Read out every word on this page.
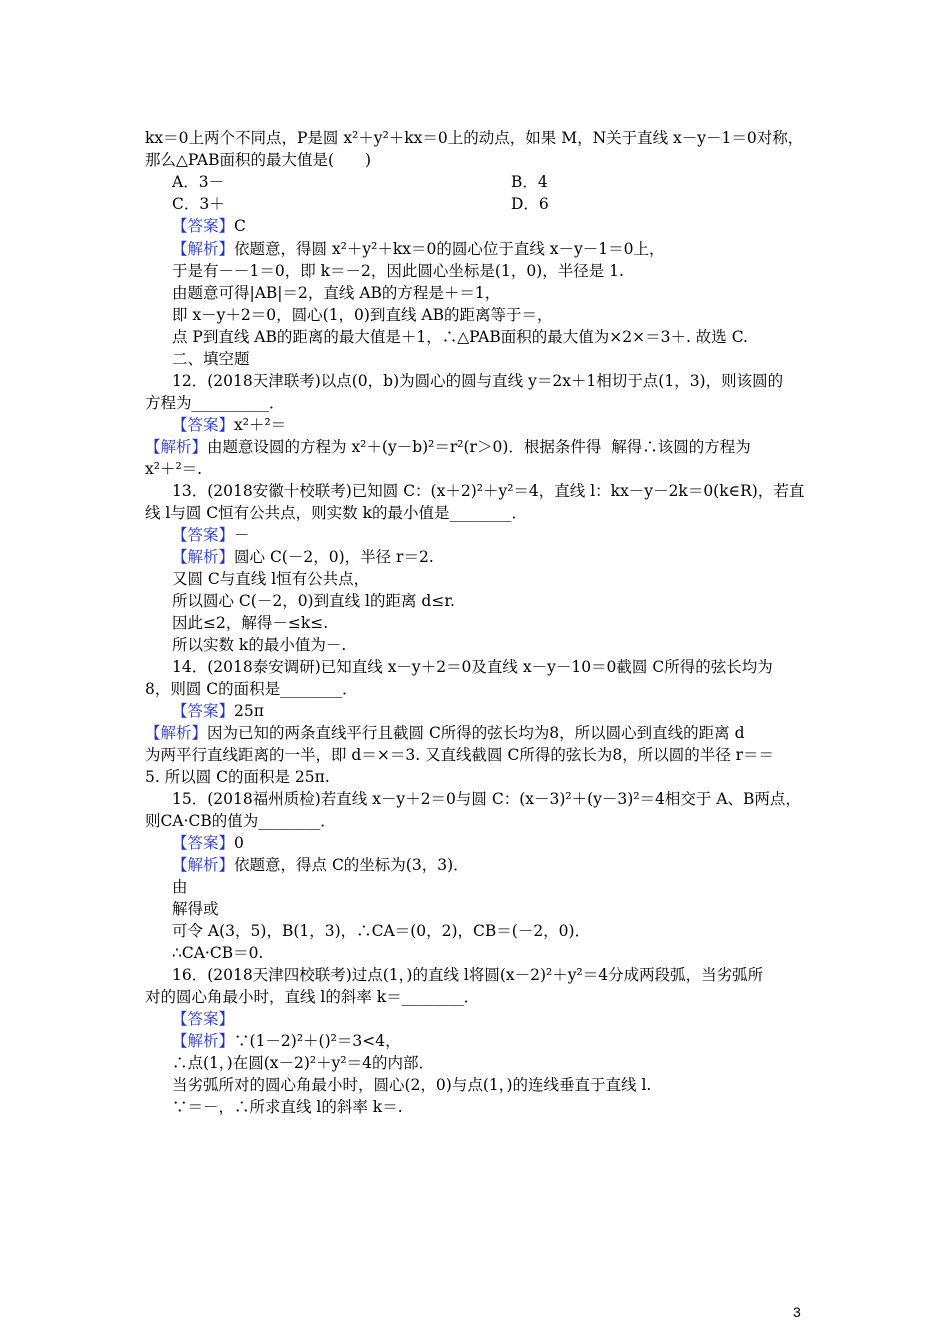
kx＝0上两个不同点，P是圆 x²＋y²＋kx＝0上的动点，如果 M，N关于直线 x－y－1＝0对称，
那么△PAB面积的最大值是(　　)
【解析】依题意，得圆 x²＋y²＋kx＝0的圆心位于直线 x－y－1＝0上，
于是有－－1＝0，即 k＝－2，因此圆心坐标是(1，0)，半径是 1.
由题意可得|AB|＝2，直线 AB的方程是＋＝1，
即 x－y＋2＝0，圆心(1，0)到直线 AB的距离等于＝，
点 P到直线 AB的距离的最大值是＋1，∴△PAB面积的最大值为×2×＝3＋. 故选 C.
二、填空题
12．(2018天津联考)以点(0，b)为圆心的圆与直线 y＝2x＋1相切于点(1，3)，则该圆的
方程为__________．
【解析】由题意设圆的方程为 x²＋(y－b)²＝r²(r＞0)．根据条件得  解得∴该圆的方程为
x²＋²＝.
13．(2018安徽十校联考)已知圆 C：(x＋2)²＋y²＝4，直线 l：kx－y－2k＝0(k∈R)，若直
线 l与圆 C恒有公共点，则实数 k的最小值是________．
【解析】圆心 C(－2，0)，半径 r＝2.
又圆 C与直线 l恒有公共点，
所以圆心 C(－2，0)到直线 l的距离 d≤r.
因此≤2，解得－≤k≤.
所以实数 k的最小值为－.
14．(2018泰安调研)已知直线 x－y＋2＝0及直线 x－y－10＝0截圆 C所得的弦长均为
8，则圆 C的面积是________．
【解析】因为已知的两条直线平行且截圆 C所得的弦长均为8，所以圆心到直线的距离 d
为两平行直线距离的一半，即 d＝×＝3. 又直线截圆 C所得的弦长为8，所以圆的半径 r＝＝
5. 所以圆 C的面积是 25π.
15．(2018福州质检)若直线 x－y＋2＝0与圆 C：(x－3)²＋(y－3)²＝4相交于 A、B两点，
则CA·CB的值为________．
【解析】依题意，得点 C的坐标为(3，3)．
由
解得或
可令 A(3，5)，B(1，3)，∴CA＝(0，2)，CB＝(－2，0)．
∴CA·CB＝0.
16．(2018天津四校联考)过点(1，)的直线 l将圆(x－2)²＋y²＝4分成两段弧，当劣弧所
对的圆心角最小时，直线 l的斜率 k＝________．
【答案】
【解析】∵(1－2)²＋()²＝3<4，
∴点(1，)在圆(x－2)²＋y²＝4的内部．
当劣弧所对的圆心角最小时，圆心(2，0)与点(1，)的连线垂直于直线 l.
∵＝－，∴所求直线 l的斜率 k＝.
A．3－	B．4
C．3＋	D．6
【答案】C
【答案】x²＋²＝
【答案】－
【答案】25π
【答案】0
3
